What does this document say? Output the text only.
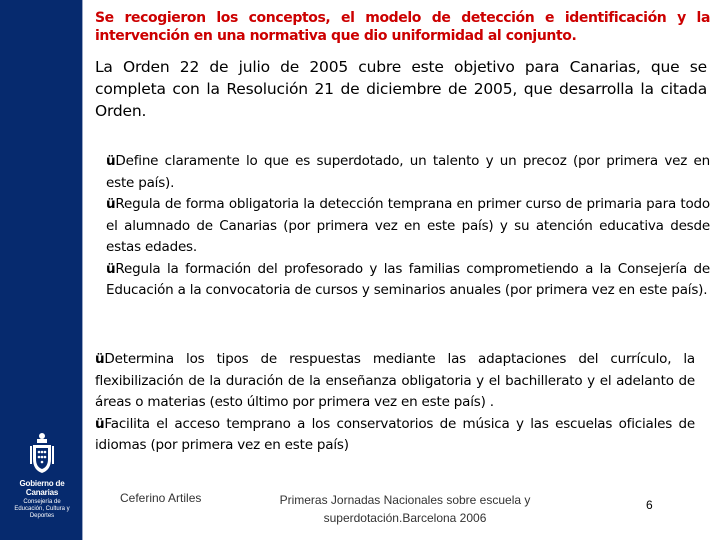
Gobierno de Canarias
Consejería de Educación, Cultura y Deportes
Se recogieron los conceptos, el modelo de detección e identificación y la intervención en una normativa que dio uniformidad al conjunto.
La Orden 22 de julio de 2005 cubre este objetivo para Canarias, que se completa con la Resolución 21 de diciembre de 2005, que desarrolla la citada Orden.
üDefine claramente lo que es superdotado, un talento y un precoz (por primera vez en este país).
üRegula de forma obligatoria la detección temprana en primer curso de primaria para todo el alumnado de Canarias (por primera vez en este país) y su atención educativa desde estas edades.
üRegula la formación del profesorado y las familias comprometiendo a la Consejería de Educación a la convocatoria de cursos y seminarios anuales (por primera vez en este país).
üDetermina los tipos de respuestas mediante las adaptaciones del currículo, la flexibilización de la duración de la enseñanza obligatoria y el bachillerato y el adelanto de áreas o materias (esto último por primera vez en este país) .
üFacilita el acceso temprano a los conservatorios de música y las escuelas oficiales de idiomas (por primera vez en este país)
Ceferino Artiles	Primeras Jornadas Nacionales sobre escuela y superdotación.Barcelona 2006
6
